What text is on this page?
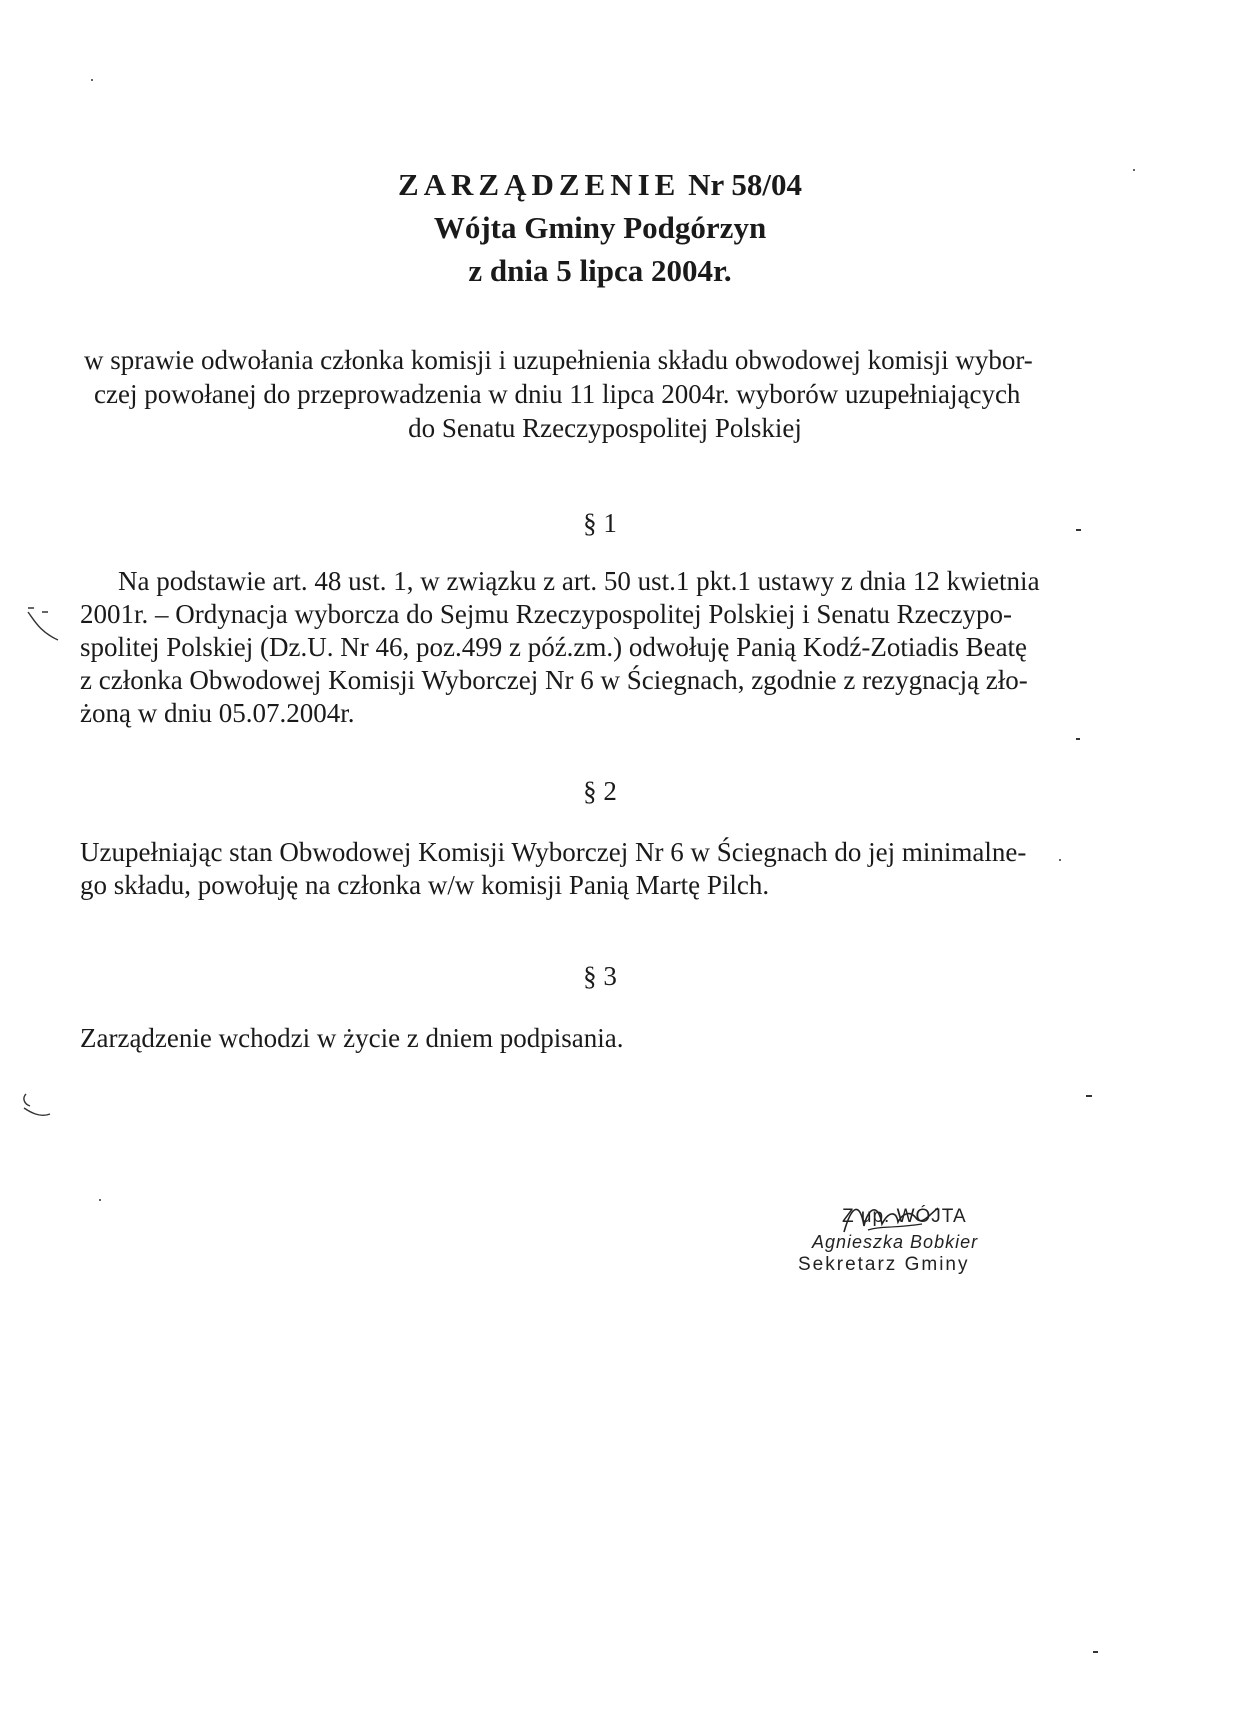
ZARZĄDZENIE Nr 58/04
Wójta Gminy Podgórzyn
z dnia 5 lipca 2004r.
w sprawie odwołania członka komisji i uzupełnienia składu obwodowej komisji wybor-
czej powołanej do przeprowadzenia w dniu 11 lipca 2004r. wyborów uzupełniających
do Senatu Rzeczypospolitej Polskiej
§ 1
Na podstawie art. 48 ust. 1, w związku z art. 50 ust.1 pkt.1 ustawy z dnia 12 kwietnia
2001r. – Ordynacja wyborcza do Sejmu Rzeczypospolitej Polskiej i Senatu Rzeczypo-
spolitej Polskiej (Dz.U. Nr 46, poz.499 z póź.zm.) odwołuję Panią Kodź-Zotiadis Beatę
z członka Obwodowej Komisji Wyborczej Nr 6 w Ściegnach, zgodnie z rezygnacją zło-
żoną w dniu 05.07.2004r.
§ 2
Uzupełniając stan Obwodowej Komisji Wyborczej Nr 6 w Ściegnach do jej minimalne-
go składu, powołuję na członka w/w komisji Panią Martę Pilch.
§ 3
Zarządzenie wchodzi w życie z dniem podpisania.
Z up. WÓJTA
Agnieszka Bobkier
Sekretarz Gminy
